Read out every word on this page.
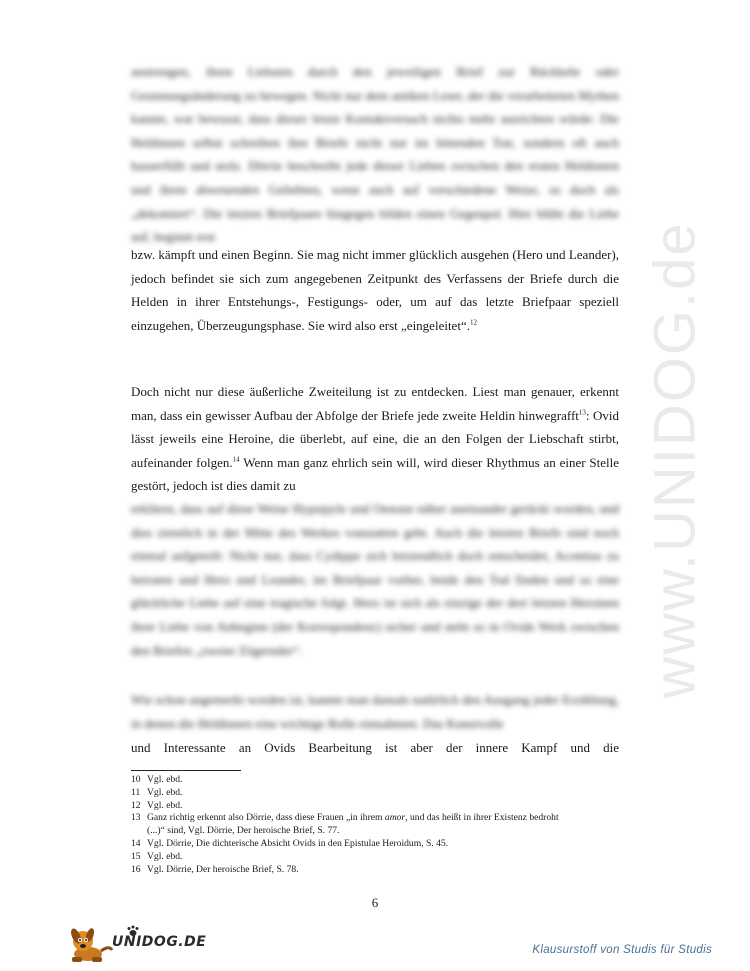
anstrengen, ihren Liebsten durch den jeweiligen Brief zur Rückkehr oder Gesinnungsänderung zu bewegen. Nicht nur dem antiken Leser, der die verarbeiteten Mythen kannte, war bewusst, dass dieser letzte Kontaktversuch nichts mehr ausrichten würde: Die Heldinnen selbst schreiben ihre Briefe nicht nur im bittenden Ton, sondern oft auch hasserfüllt und stolz. Dörrie beschreibt jede dieser Lieben zwischen den ersten Heldinnen und ihren abwesenden Geliebten, wenn auch auf verschiedene Weise, so doch als „dekomiert“. Die letzten Briefpaare hingegen bilden einen Gegenpol. Hier blüht die Liebe auf, beginnt erst

bzw. kämpft und einen Beginn. Sie mag nicht immer glücklich ausgehen (Hero und Leander), jedoch befindet sie sich zum angegebenen Zeitpunkt des Verfassens der Briefe durch die Helden in ihrer Entstehungs-, Festigungs- oder, um auf das letzte Briefpaar speziell einzugehen, Überzeugungsphase. Sie wird also erst „eingeleitet“.$^{12}$

Doch nicht nur diese äußerliche Zweiteilung ist zu entdecken. Liest man genauer, erkennt man, dass ein gewisser Aufbau der Abfolge der Briefe jede zweite Heldin hinwegrafft$^{13}$: Ovid lässt jeweils eine Heroine, die überlebt, auf eine, die an den Folgen der Liebschaft stirbt, aufeinander folgen.$^{14}$ Wenn man ganz ehrlich sein will, wird dieser Rhythmus an einer Stelle gestört, jedoch ist dies damit zu

erklären, dass auf diese Weise Hypsipyle und Oenone näher aneinander gerückt worden, und dies ziemlich in der Mitte des Werkes vonstatten geht. Auch die letzten Briefe sind noch einmal aufgeteilt: Nicht nur, dass Cydippe sich letztendlich doch entscheidet, Acontius zu heiraten und Hero und Leander, im Briefpaar vorher, beide den Tod finden und so eine glückliche Liebe auf eine tragische folgt. Hero ist sich als einzige der drei letzten Heroinen ihrer Liebe von Anbeginn (der Korrespondenz) sicher und steht so in Ovids Werk zwischen den Briefen „zweier Zögernder“.

Wie schon angemerkt worden ist, kannte man damals natürlich den Ausgang jeder Erzählung, in denen die Heldinnen eine wichtige Rolle einnahmen. Das Kunstvolle

und Interessante an Ovids Bearbeitung ist aber der innere Kampf und die

www.UNIDOG.de
10 Vgl. ebd.
11 Vgl. ebd.
12 Vgl. ebd.
13 Ganz richtig erkennt also Dörrie, dass diese Frauen „in ihrem amor, und das heißt in ihrer Existenz bedroht (...)“ sind, Vgl. Dörrie, Der heroische Brief, S. 77.
14 Vgl. Dörrie, Die dichterische Absicht Ovids in den Epistulae Heroidum, S. 45.
15 Vgl. ebd.
16 Vgl. Dörrie, Der heroische Brief, S. 78.
6
UNIDOG.DE	Klausurstoff von Studis für Studis
